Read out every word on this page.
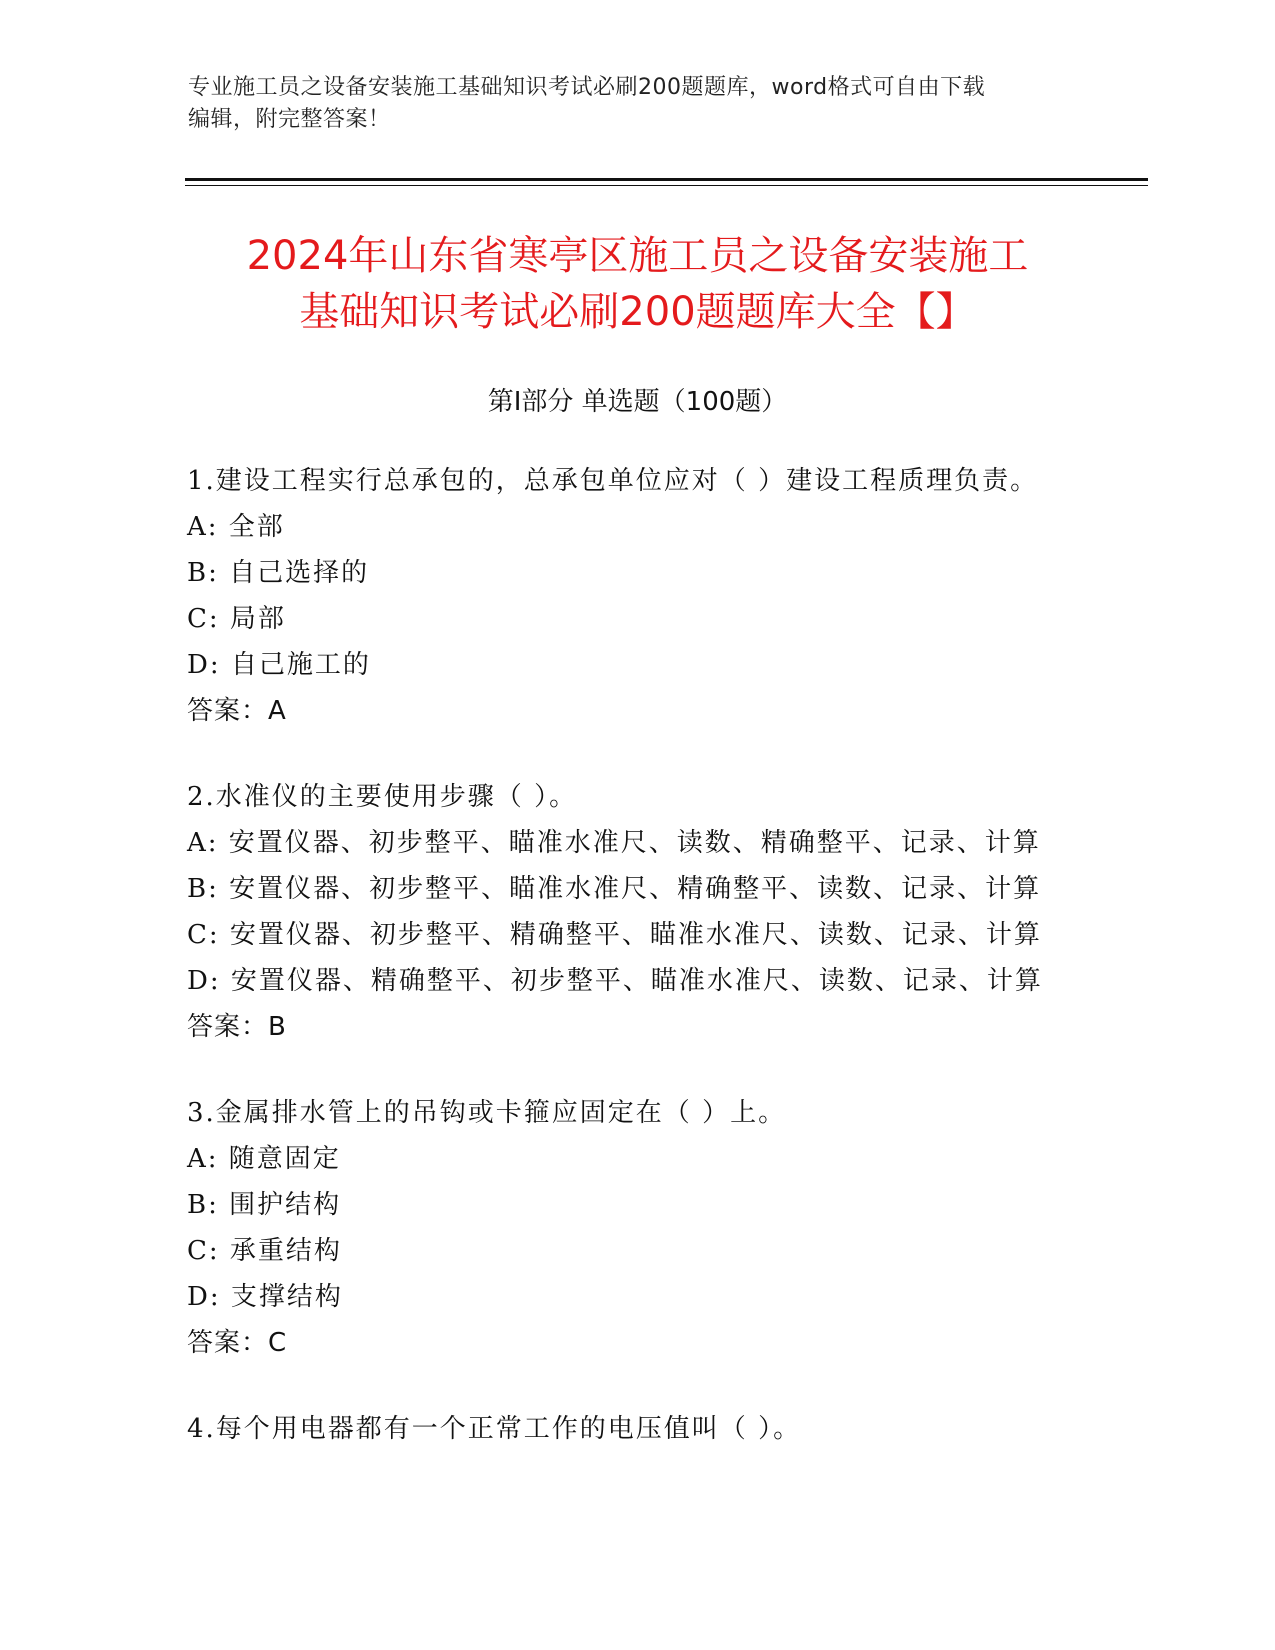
专业施工员之设备安装施工基础知识考试必刷200题题库，word格式可自由下载
编辑，附完整答案！
2024年山东省寒亭区施工员之设备安装施工
基础知识考试必刷200题题库大全【】
第Ⅰ部分 单选题（100题）
1.建设工程实行总承包的，总承包单位应对（ ）建设工程质理负责。
A: 全部
B: 自己选择的
C: 局部
D: 自己施工的
答案：A
2.水准仪的主要使用步骤（ ）。
A: 安置仪器、初步整平、瞄准水准尺、读数、精确整平、记录、计算
B: 安置仪器、初步整平、瞄准水准尺、精确整平、读数、记录、计算
C: 安置仪器、初步整平、精确整平、瞄准水准尺、读数、记录、计算
D: 安置仪器、精确整平、初步整平、瞄准水准尺、读数、记录、计算
答案：B
3.金属排水管上的吊钩或卡箍应固定在（ ）上。
A: 随意固定
B: 围护结构
C: 承重结构
D: 支撑结构
答案：C
4.每个用电器都有一个正常工作的电压值叫（ ）。
